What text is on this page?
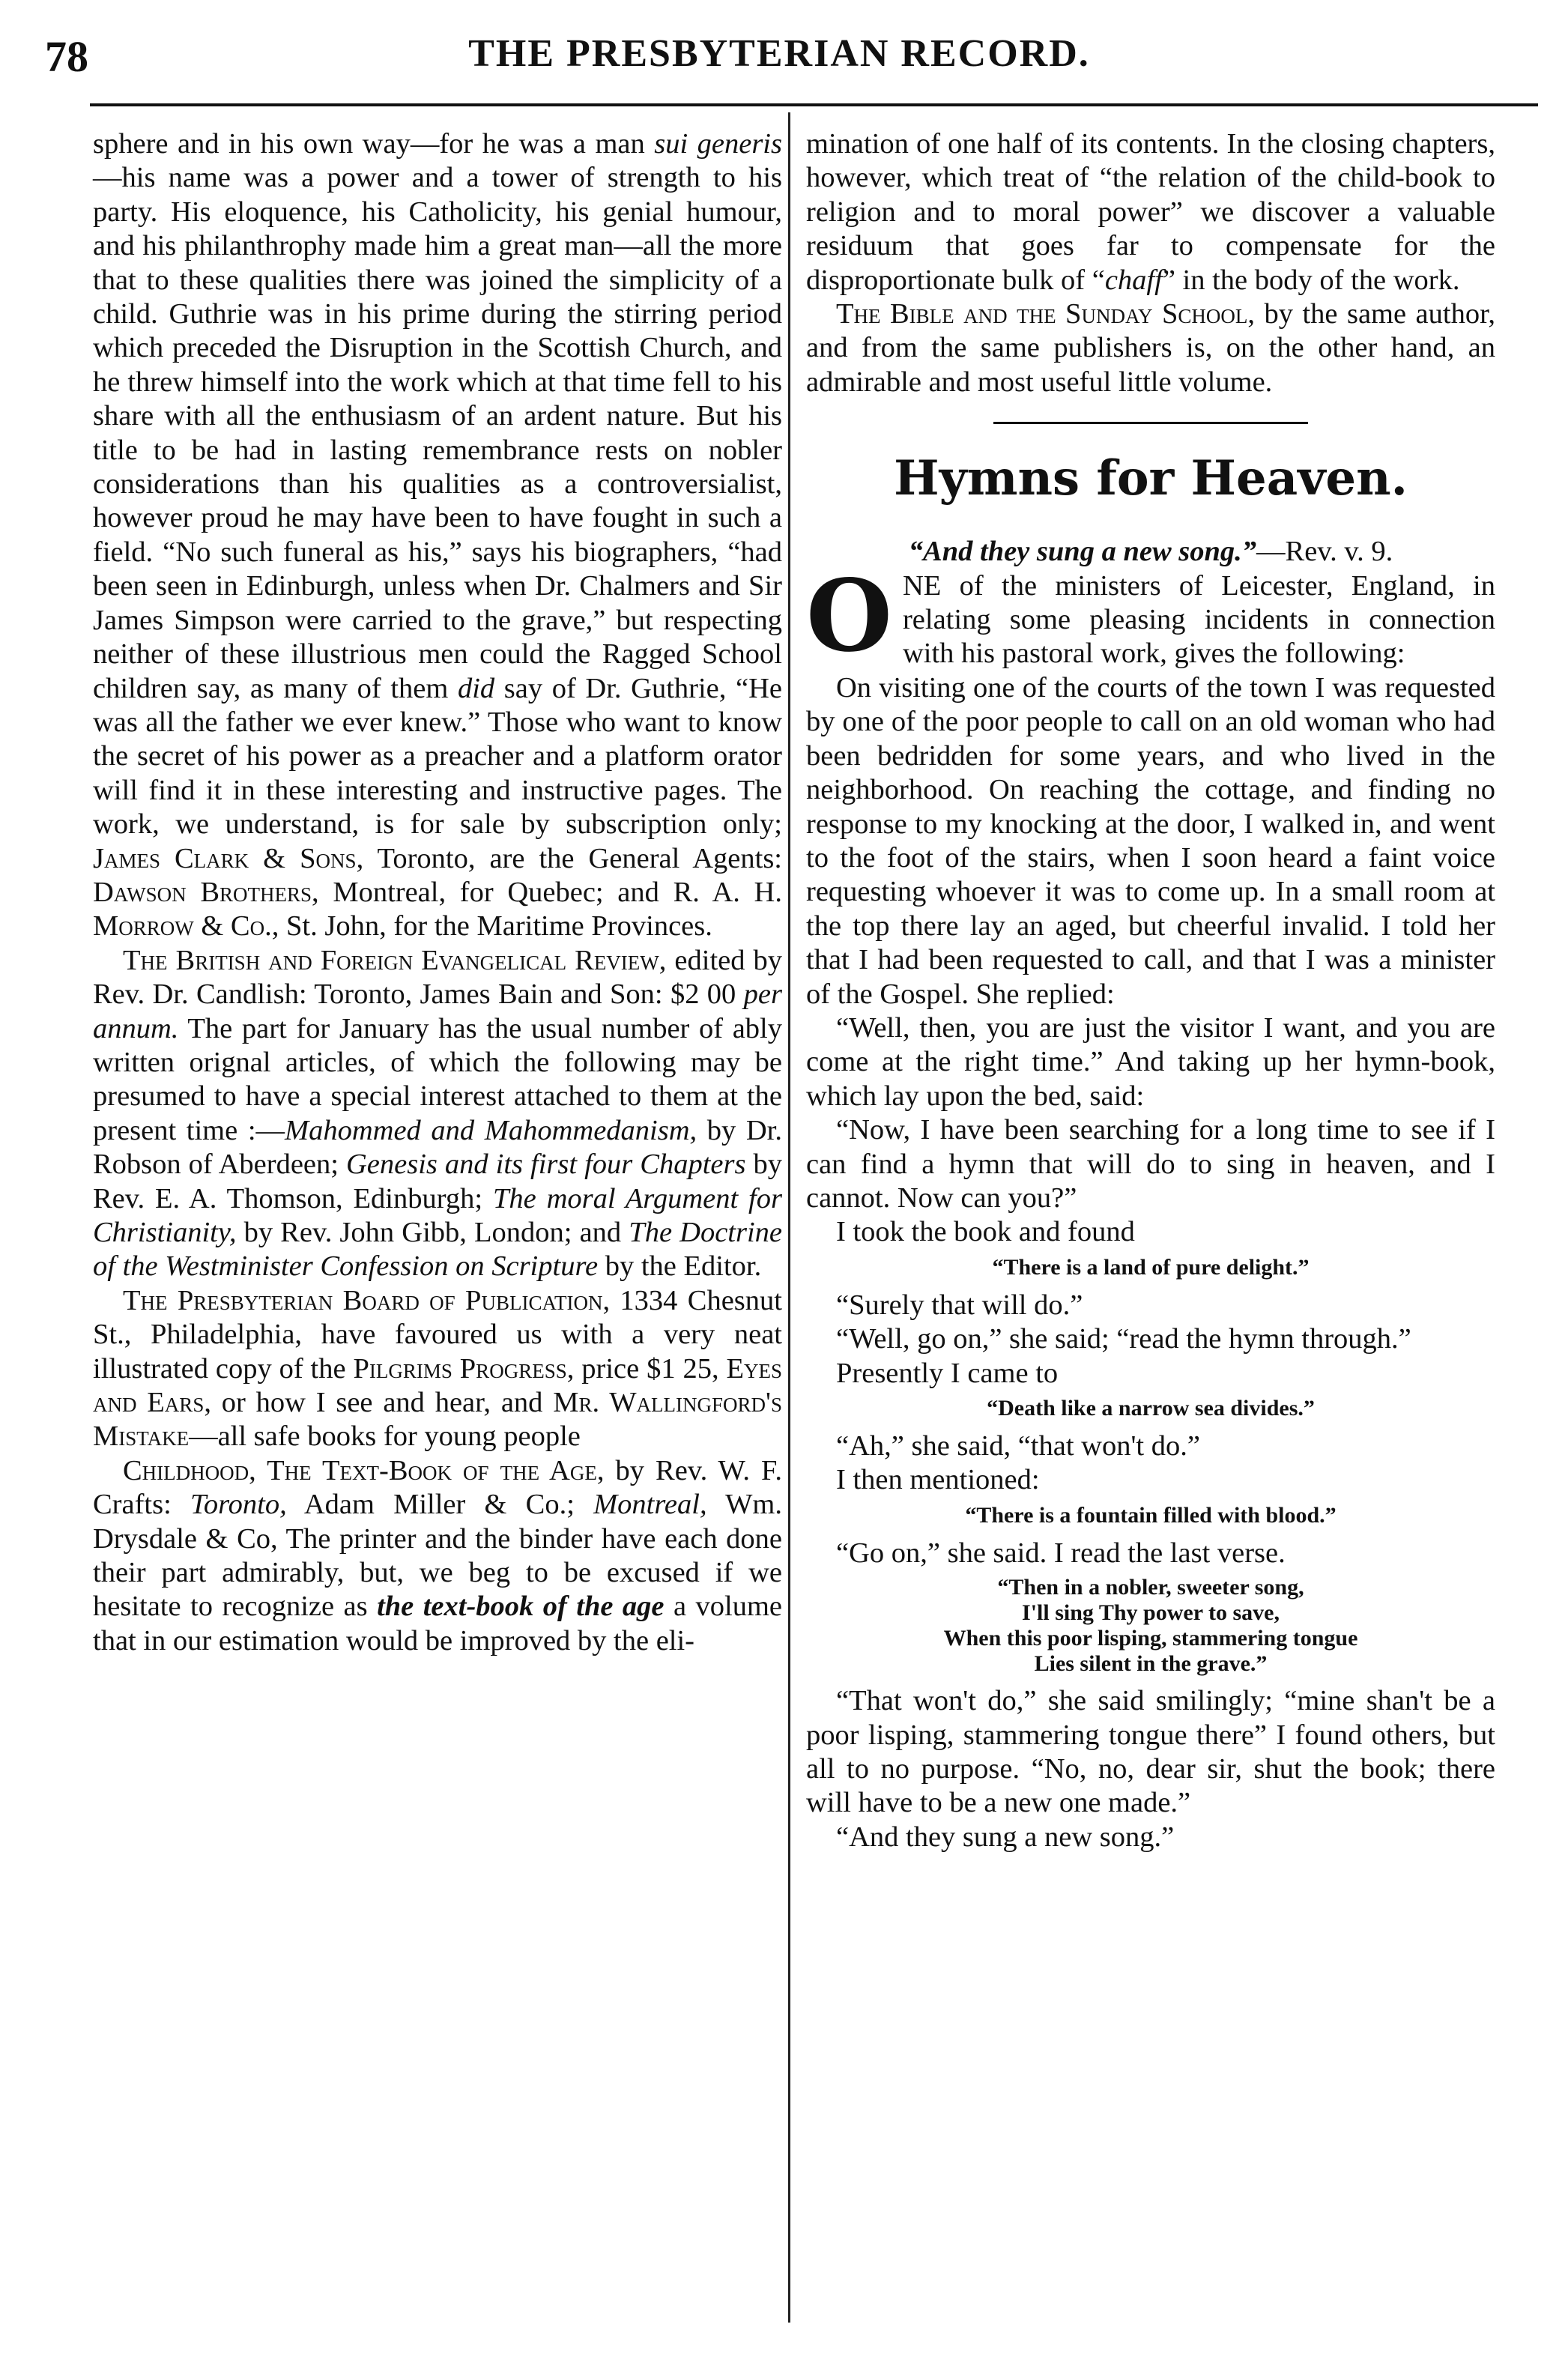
78	THE PRESBYTERIAN RECORD.

sphere and in his own way—for he was a man sui generis—his name was a power and a tower of strength to his party. His eloquence, his Catholicity, his genial humour, and his philanthrophy made him a great man—all the more that to these qualities there was joined the simplicity of a child. Guthrie was in his prime during the stirring period which preceded the Disruption in the Scottish Church, and he threw himself into the work which at that time fell to his share with all the enthusiasm of an ardent nature. But his title to be had in lasting remembrance rests on nobler considerations than his qualities as a controversialist, however proud he may have been to have fought in such a field. “No such funeral as his,” says his biographers, “had been seen in Edinburgh, unless when Dr. Chalmers and Sir James Simpson were carried to the grave,” but respecting neither of these illustrious men could the Ragged School children say, as many of them did say of Dr. Guthrie, “He was all the father we ever knew.” Those who want to know the secret of his power as a preacher and a platform orator will find it in these interesting and instructive pages. The work, we understand, is for sale by subscription only; James Clark & Sons, Toronto, are the General Agents: Dawson Brothers, Montreal, for Quebec; and R. A. H. Morrow & Co., St. John, for the Maritime Provinces.

The British and Foreign Evangelical Review, edited by Rev. Dr. Candlish: Toronto, James Bain and Son: $2 00 per annum. The part for January has the usual number of ably written orignal articles, of which the following may be presumed to have a special interest attached to them at the present time :—Mahommed and Mahommedanism, by Dr. Robson of Aberdeen; Genesis and its first four Chapters by Rev. E. A. Thomson, Edinburgh; The moral Argument for Christianity, by Rev. John Gibb, London; and The Doctrine of the Westminister Confession on Scripture by the Editor.

The Presbyterian Board of Publication, 1334 Chesnut St., Philadelphia, have favoured us with a very neat illustrated copy of the Pilgrims Progress, price $1 25, Eyes and Ears, or how I see and hear, and Mr. Wallingford's Mistake—all safe books for young people

Childhood, The Text-Book of the Age, by Rev. W. F. Crafts: Toronto, Adam Miller & Co.; Montreal, Wm. Drysdale & Co, The printer and the binder have each done their part admirably, but, we beg to be excused if we hesitate to recognize as the text-book of the age a volume that in our estimation would be improved by the eli-

mination of one half of its contents. In the closing chapters, however, which treat of “the relation of the child-book to religion and to moral power” we discover a valuable residuum that goes far to compensate for the disproportionate bulk of “chaff” in the body of the work.

The Bible and the Sunday School, by the same author, and from the same publishers is, on the other hand, an admirable and most useful little volume.

Hymns for Heaven.

“And they sung a new song.”—Rev. v. 9.

ONE of the ministers of Leicester, England, in relating some pleasing incidents in connection with his pastoral work, gives the following:

On visiting one of the courts of the town I was requested by one of the poor people to call on an old woman who had been bedridden for some years, and who lived in the neighborhood. On reaching the cottage, and finding no response to my knocking at the door, I walked in, and went to the foot of the stairs, when I soon heard a faint voice requesting whoever it was to come up. In a small room at the top there lay an aged, but cheerful invalid. I told her that I had been requested to call, and that I was a minister of the Gospel. She replied:

“Well, then, you are just the visitor I want, and you are come at the right time.” And taking up her hymn-book, which lay upon the bed, said:

“Now, I have been searching for a long time to see if I can find a hymn that will do to sing in heaven, and I cannot. Now can you?”

I took the book and found

“There is a land of pure delight.”

“Surely that will do.”

“Well, go on,” she said; “read the hymn through.”

Presently I came to

“Death like a narrow sea divides.”

“Ah,” she said, “that won't do.”

I then mentioned:

“There is a fountain filled with blood.”

“Go on,” she said. I read the last verse.

“Then in a nobler, sweeter song,
I'll sing Thy power to save,
When this poor lisping, stammering tongue
Lies silent in the grave.”

“That won't do,” she said smilingly; “mine shan't be a poor lisping, stammering tongue there” I found others, but all to no purpose. “No, no, dear sir, shut the book; there will have to be a new one made.”

“And they sung a new song.”
